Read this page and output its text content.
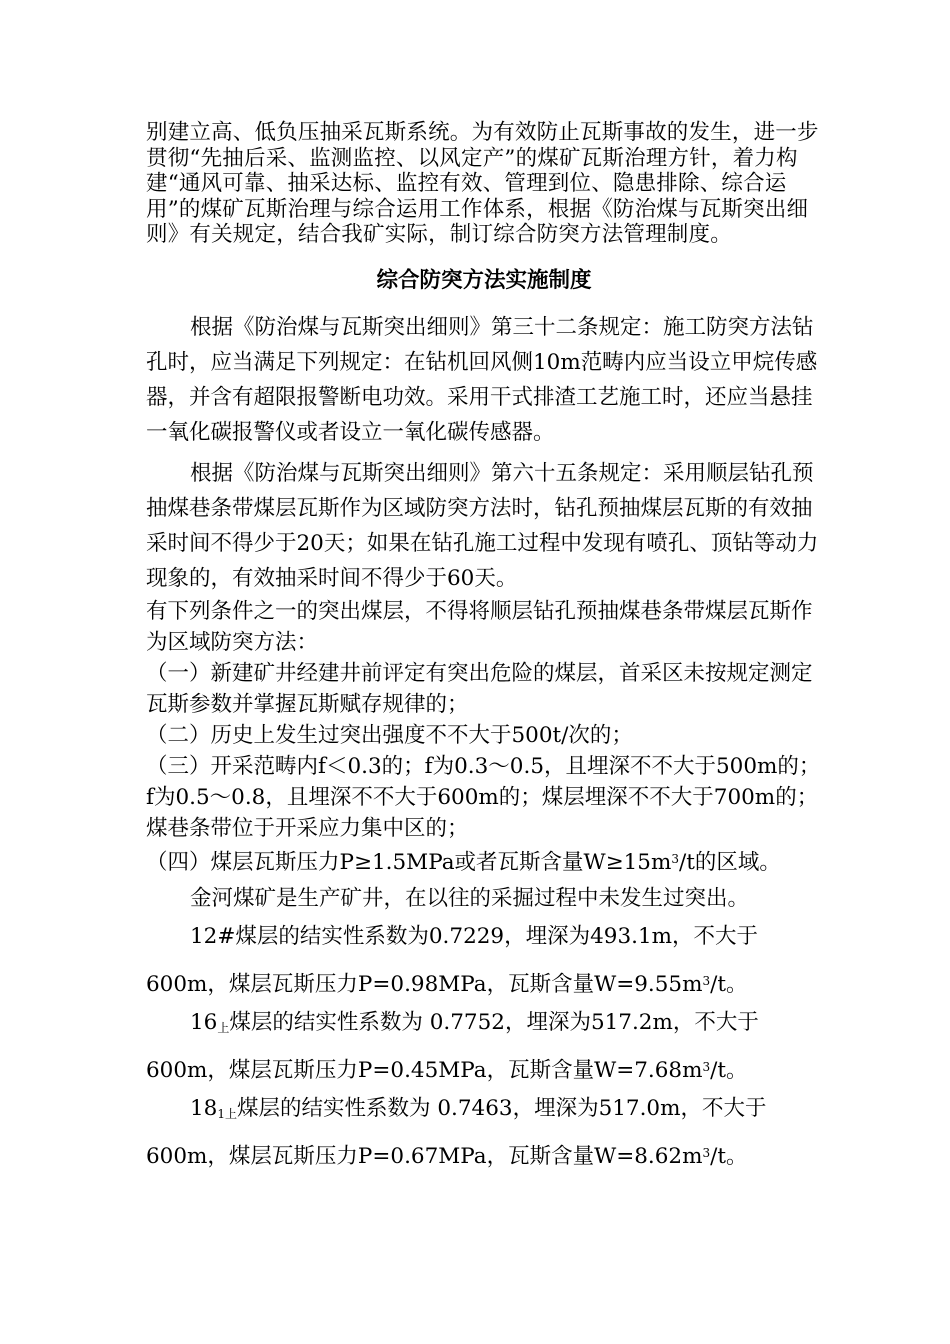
别建立高、低负压抽采瓦斯系统。为有效防止瓦斯事故的发生，进一步贯彻“先抽后采、监测监控、以风定产”的煤矿瓦斯治理方针，着力构建“通风可靠、抽采达标、监控有效、管理到位、隐患排除、综合运用”的煤矿瓦斯治理与综合运用工作体系，根据《防治煤与瓦斯突出细则》有关规定，结合我矿实际，制订综合防突方法管理制度。

综合防突方法实施制度

根据《防治煤与瓦斯突出细则》第三十二条规定：施工防突方法钻孔时，应当满足下列规定：在钻机回风侧10m范畴内应当设立甲烷传感器，并含有超限报警断电功效。采用干式排渣工艺施工时，还应当悬挂一氧化碳报警仪或者设立一氧化碳传感器。

根据《防治煤与瓦斯突出细则》第六十五条规定：采用顺层钻孔预抽煤巷条带煤层瓦斯作为区域防突方法时，钻孔预抽煤层瓦斯的有效抽采时间不得少于20天；如果在钻孔施工过程中发现有喷孔、顶钻等动力现象的，有效抽采时间不得少于60天。

有下列条件之一的突出煤层，不得将顺层钻孔预抽煤巷条带煤层瓦斯作为区域防突方法：

（一）新建矿井经建井前评定有突出危险的煤层，首采区未按规定测定瓦斯参数并掌握瓦斯赋存规律的；

（二）历史上发生过突出强度不不大于500t/次的；

（三）开采范畴内f＜0.3的；f为0.3～0.5，且埋深不不大于500m的；f为0.5～0.8，且埋深不不大于600m的；煤层埋深不不大于700m的；煤巷条带位于开采应力集中区的；

（四）煤层瓦斯压力P≥1.5MPa或者瓦斯含量$W\ge 15m^3/t$的区域。

金河煤矿是生产矿井，在以往的采掘过程中未发生过突出。

12#煤层的结实性系数为0.7229，埋深为493.1m，不大于600m，煤层瓦斯压力P=0.98MPa，瓦斯含量$W=9.55m^3/t$。

$16_上$煤层的结实性系数为 0.7752，埋深为517.2m，不大于600m，煤层瓦斯压力P=0.45MPa，瓦斯含量$W=7.68m^3/t$。

$18_{1上}$煤层的结实性系数为 0.7463，埋深为517.0m，不大于600m，煤层瓦斯压力P=0.67MPa，瓦斯含量$W=8.62m^3/t$。
